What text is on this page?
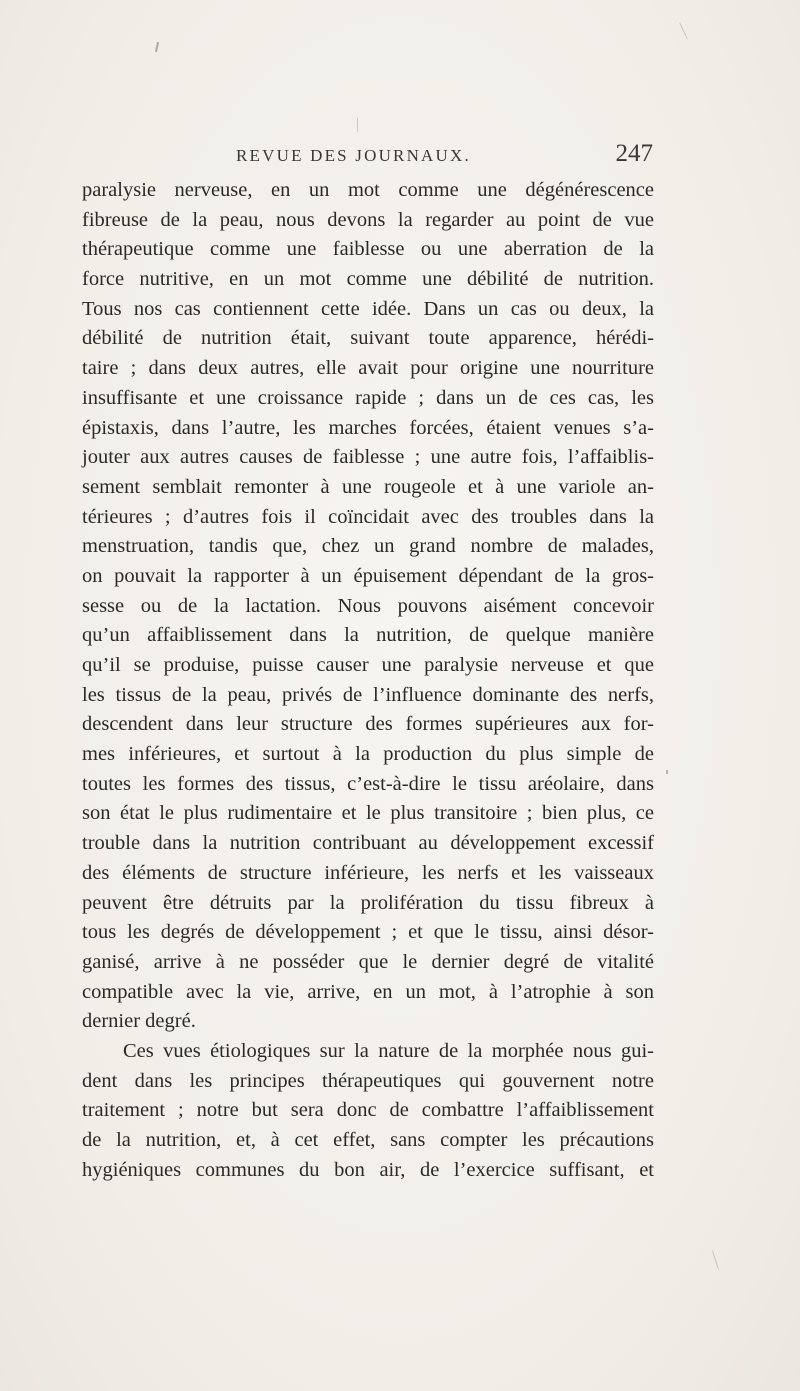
REVUE DES JOURNAUX.	247
paralysie nerveuse, en un mot comme une dégénérescence
fibreuse de la peau, nous devons la regarder au point de vue
thérapeutique comme une faiblesse ou une aberration de la
force nutritive, en un mot comme une débilité de nutrition.
Tous nos cas contiennent cette idée. Dans un cas ou deux, la
débilité de nutrition était, suivant toute apparence, hérédi-
taire ; dans deux autres, elle avait pour origine une nourriture
insuffisante et une croissance rapide ; dans un de ces cas, les
épistaxis, dans l’autre, les marches forcées, étaient venues s’a-
jouter aux autres causes de faiblesse ; une autre fois, l’affaiblis-
sement semblait remonter à une rougeole et à une variole an-
térieures ; d’autres fois il coïncidait avec des troubles dans la
menstruation, tandis que, chez un grand nombre de malades,
on pouvait la rapporter à un épuisement dépendant de la gros-
sesse ou de la lactation. Nous pouvons aisément concevoir
qu’un affaiblissement dans la nutrition, de quelque manière
qu’il se produise, puisse causer une paralysie nerveuse et que
les tissus de la peau, privés de l’influence dominante des nerfs,
descendent dans leur structure des formes supérieures aux for-
mes inférieures, et surtout à la production du plus simple de
toutes les formes des tissus, c’est-à-dire le tissu aréolaire, dans
son état le plus rudimentaire et le plus transitoire ; bien plus, ce
trouble dans la nutrition contribuant au développement excessif
des éléments de structure inférieure, les nerfs et les vaisseaux
peuvent être détruits par la prolifération du tissu fibreux à
tous les degrés de développement ; et que le tissu, ainsi désor-
ganisé, arrive à ne posséder que le dernier degré de vitalité
compatible avec la vie, arrive, en un mot, à l’atrophie à son
dernier degré.
Ces vues étiologiques sur la nature de la morphée nous gui-
dent dans les principes thérapeutiques qui gouvernent notre
traitement ; notre but sera donc de combattre l’affaiblissement
de la nutrition, et, à cet effet, sans compter les précautions
hygiéniques communes du bon air, de l’exercice suffisant, et
